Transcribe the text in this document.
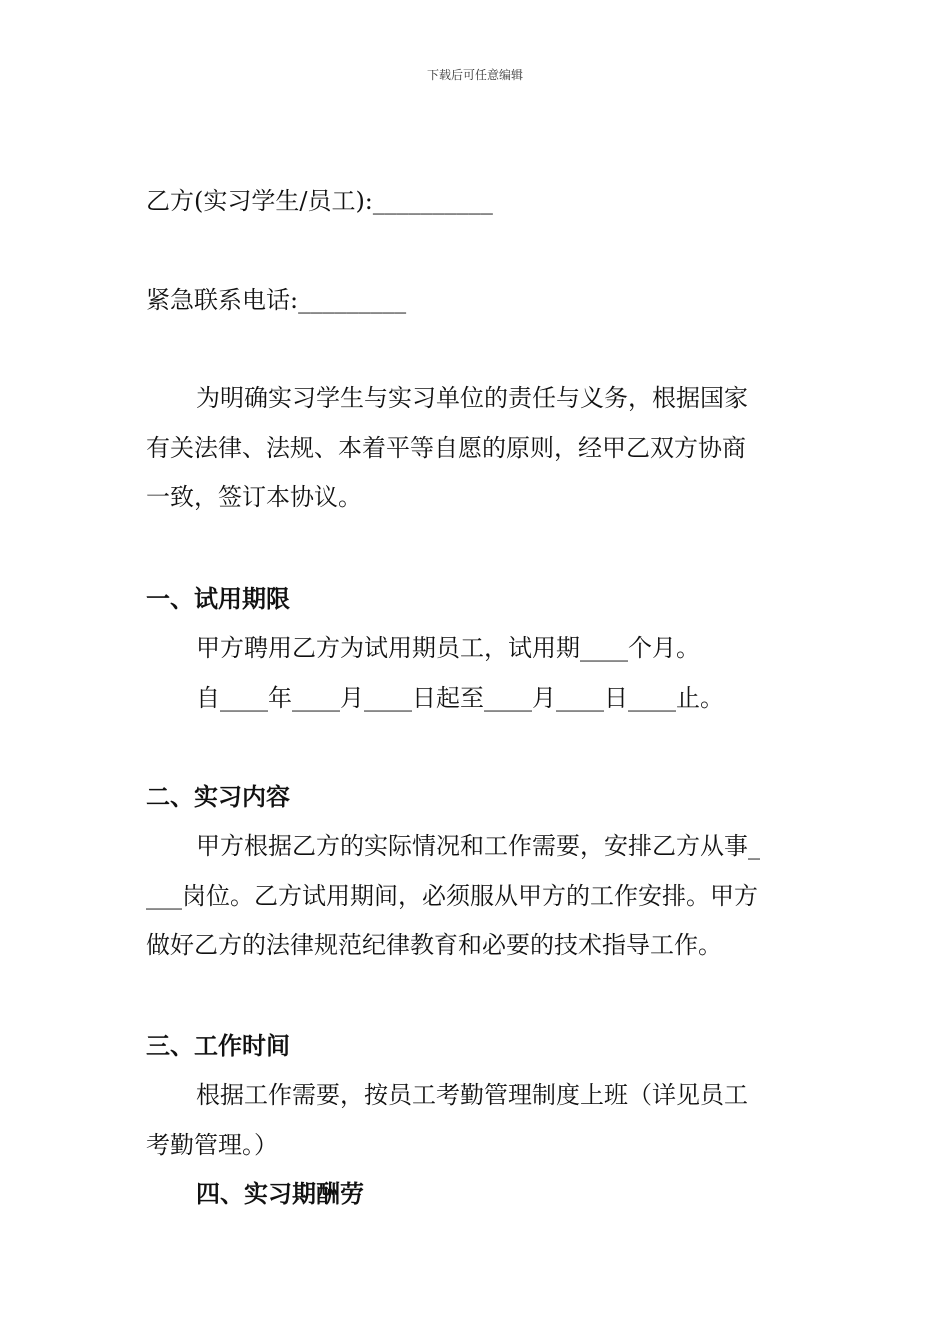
下载后可任意编辑
乙方(实习学生/员工):__________
紧急联系电话:_________
为明确实习学生与实习单位的责任与义务，根据国家
有关法律、法规、本着平等自愿的原则，经甲乙双方协商
一致，签订本协议。
一、试用期限
甲方聘用乙方为试用期员工，试用期____个月。
自____年____月____日起至____月____日____止。
二、实习内容
甲方根据乙方的实际情况和工作需要，安排乙方从事_
___岗位。乙方试用期间，必须服从甲方的工作安排。甲方
做好乙方的法律规范纪律教育和必要的技术指导工作。
三、工作时间
根据工作需要，按员工考勤管理制度上班（详见员工
考勤管理。）
四、实习期酬劳
